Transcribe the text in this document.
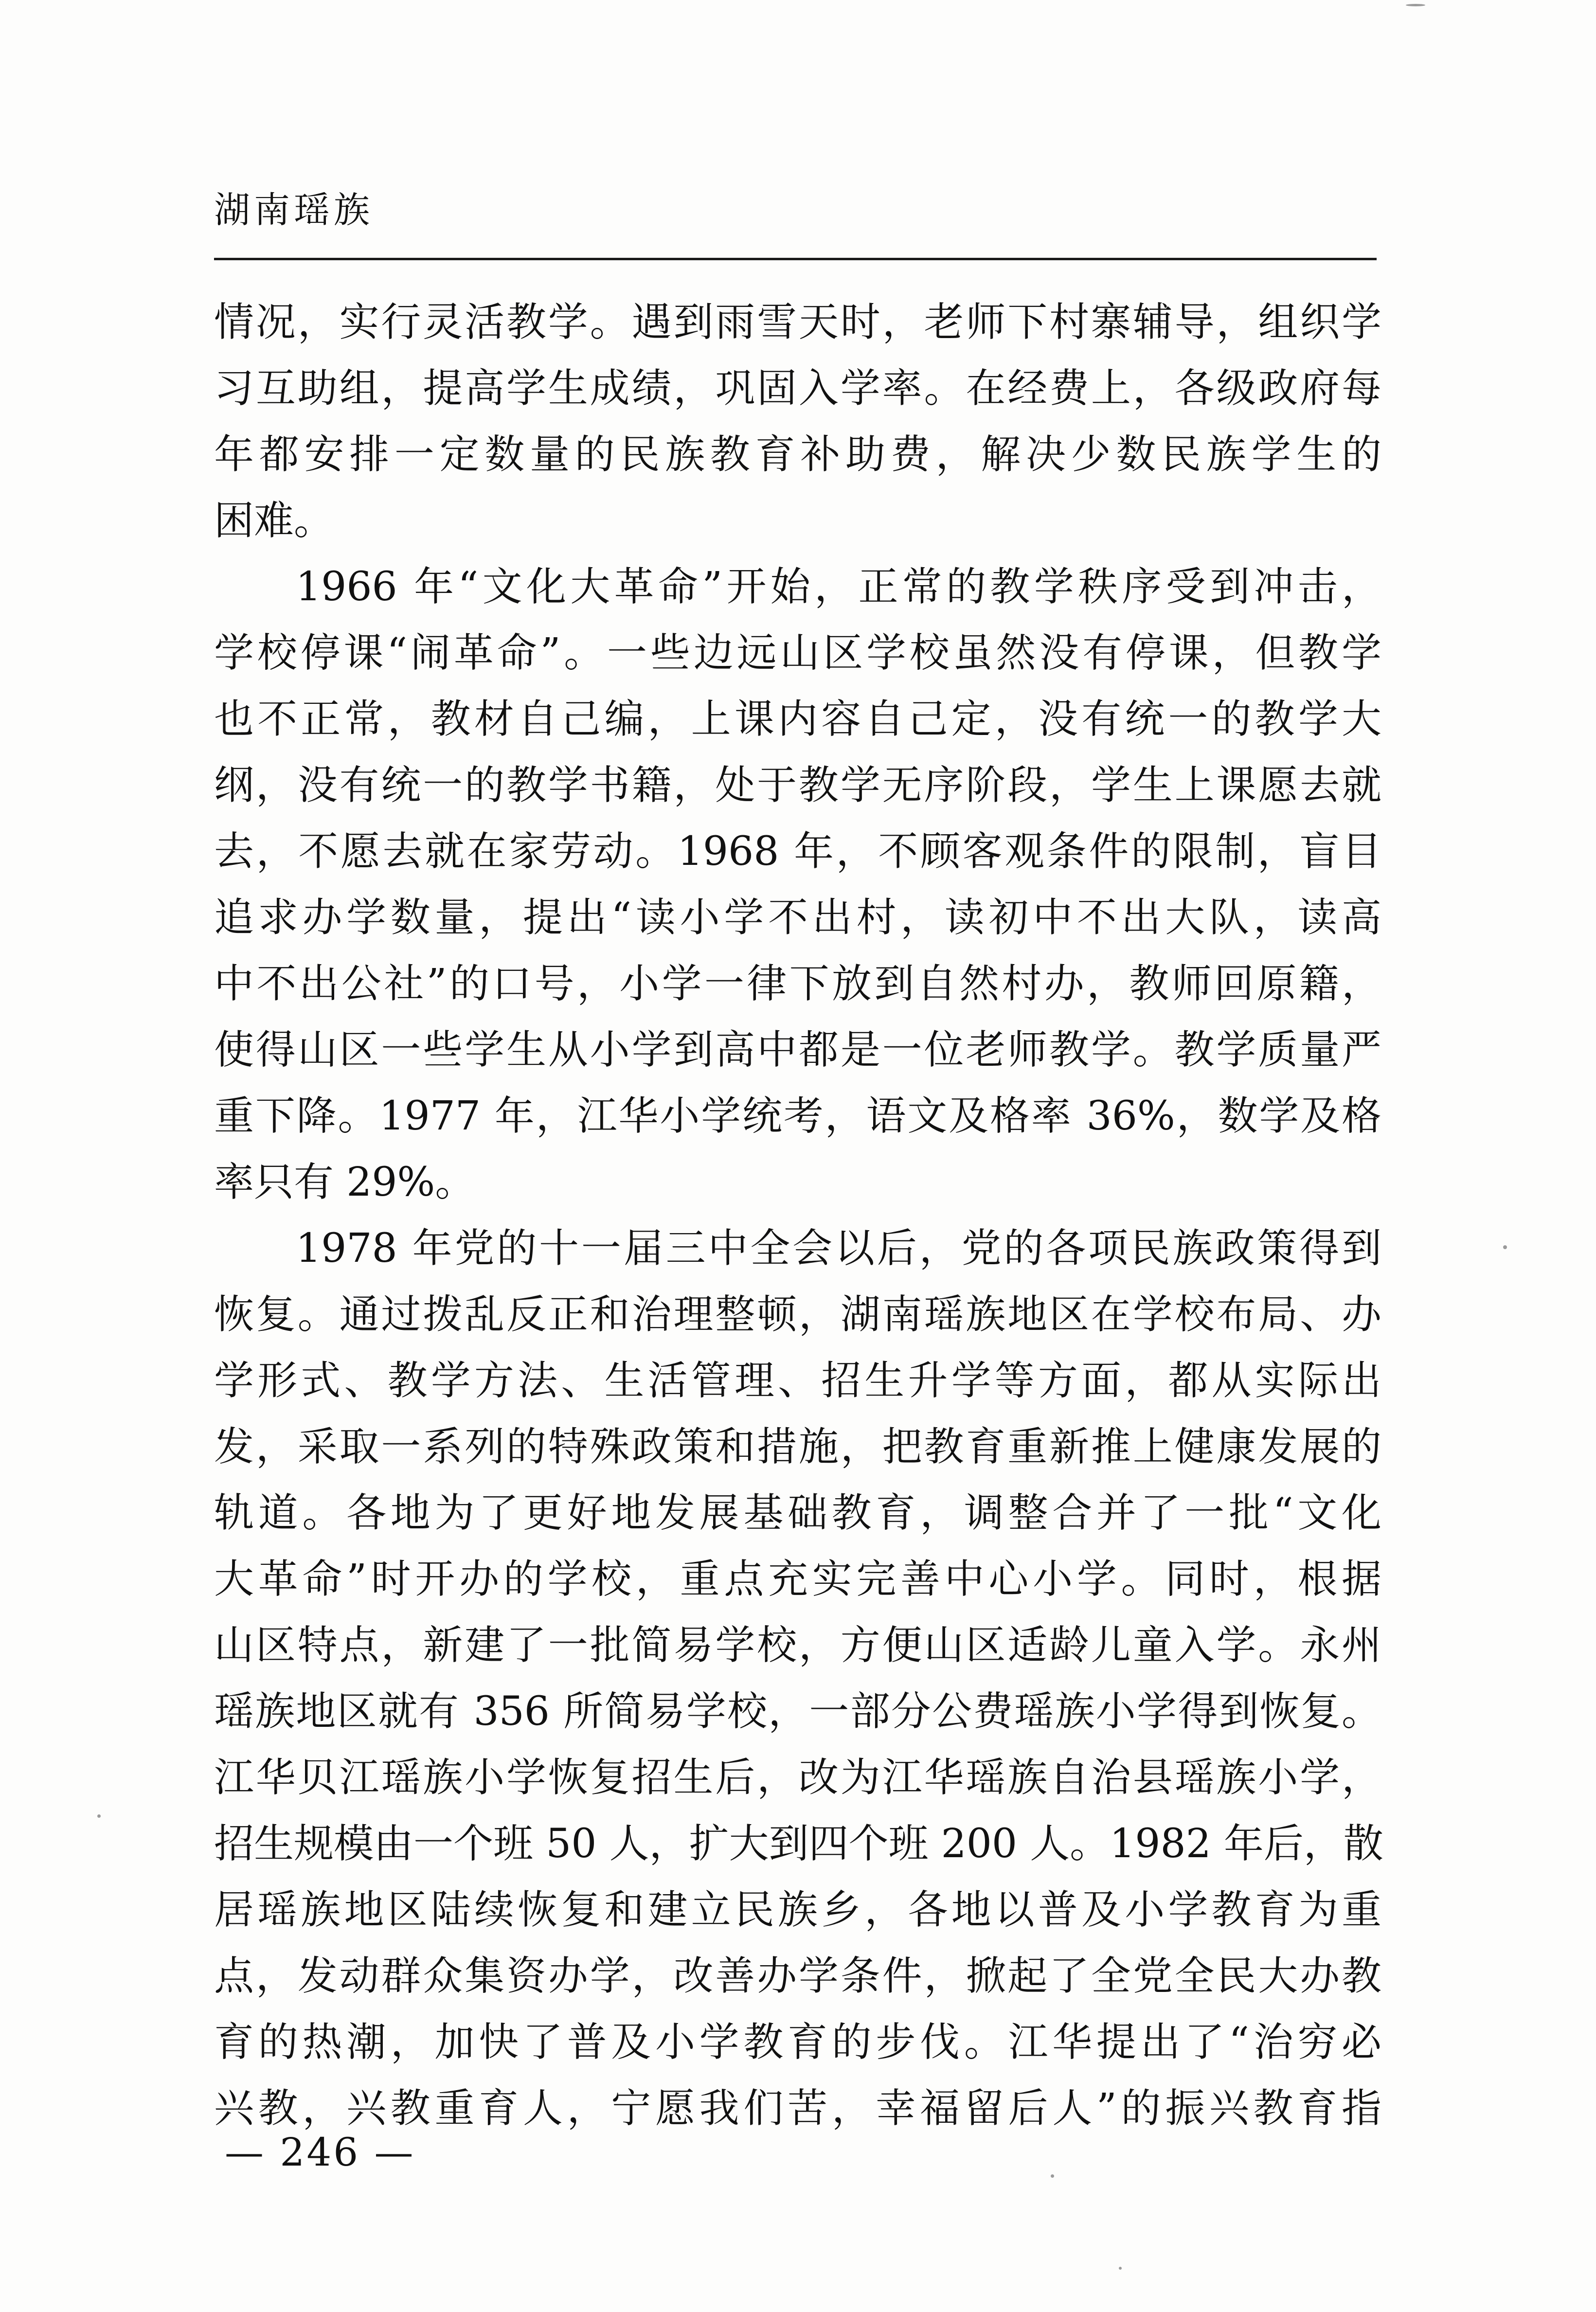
湖南瑶族
情况，实行灵活教学。遇到雨雪天时，老师下村寨辅导，组织学
习互助组，提高学生成绩，巩固入学率。在经费上，各级政府每
年都安排一定数量的民族教育补助费，解决少数民族学生的
困难。
1966 年“文化大革命”开始，正常的教学秩序受到冲击，
学校停课“闹革命”。一些边远山区学校虽然没有停课，但教学
也不正常，教材自己编，上课内容自己定，没有统一的教学大
纲，没有统一的教学书籍，处于教学无序阶段，学生上课愿去就
去，不愿去就在家劳动。1968 年，不顾客观条件的限制，盲目
追求办学数量，提出“读小学不出村，读初中不出大队，读高
中不出公社”的口号，小学一律下放到自然村办，教师回原籍，
使得山区一些学生从小学到高中都是一位老师教学。教学质量严
重下降。1977 年，江华小学统考，语文及格率 36%，数学及格
率只有 29%。
1978 年党的十一届三中全会以后，党的各项民族政策得到
恢复。通过拨乱反正和治理整顿，湖南瑶族地区在学校布局、办
学形式、教学方法、生活管理、招生升学等方面，都从实际出
发，采取一系列的特殊政策和措施，把教育重新推上健康发展的
轨道。各地为了更好地发展基础教育，调整合并了一批“文化
大革命”时开办的学校，重点充实完善中心小学。同时，根据
山区特点，新建了一批简易学校，方便山区适龄儿童入学。永州
瑶族地区就有 356 所简易学校，一部分公费瑶族小学得到恢复。
江华贝江瑶族小学恢复招生后，改为江华瑶族自治县瑶族小学，
招生规模由一个班 50 人，扩大到四个班 200 人。1982 年后，散
居瑶族地区陆续恢复和建立民族乡，各地以普及小学教育为重
点，发动群众集资办学，改善办学条件，掀起了全党全民大办教
育的热潮，加快了普及小学教育的步伐。江华提出了“治穷必
兴教，兴教重育人，宁愿我们苦，幸福留后人”的振兴教育指
— 246 —
